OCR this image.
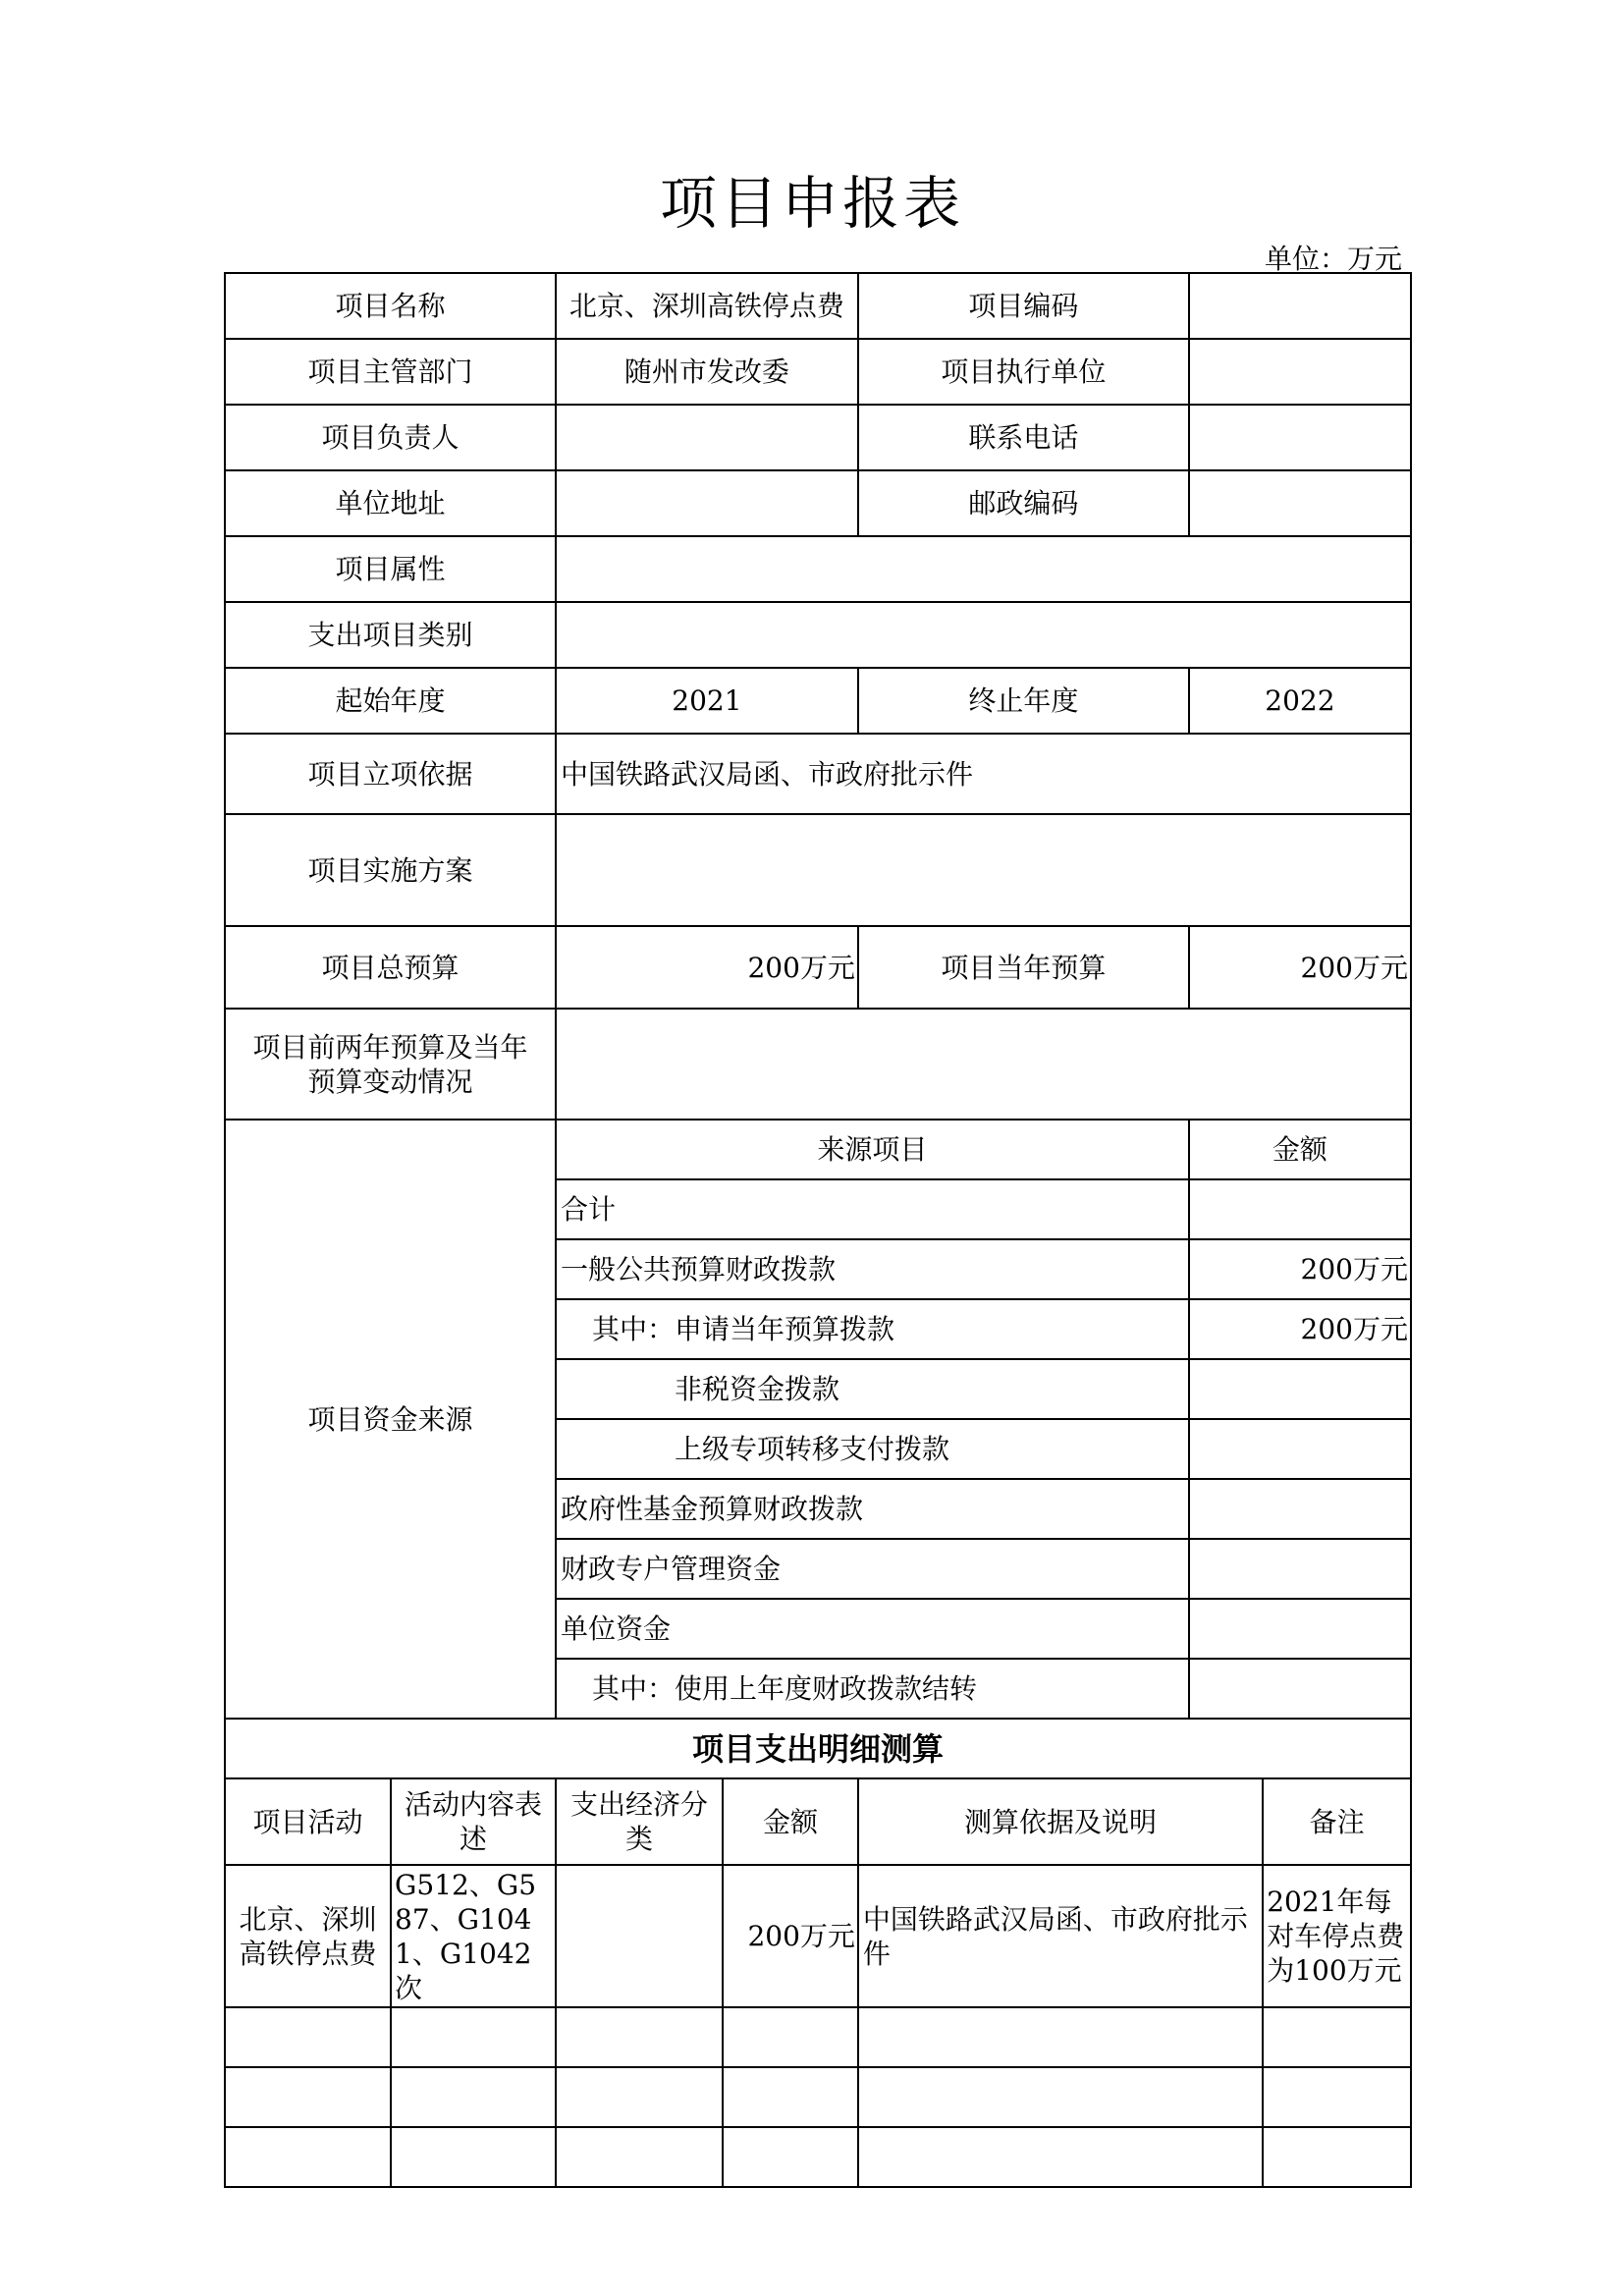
项目申报表
单位：万元
项目名称		北京、深圳高铁停点费		项目编码		
项目主管部门		随州市发改委		项目执行单位		
项目负责人				联系电话		
单位地址				邮政编码		
项目属性						
支出项目类别						
起始年度		2021		终止年度	2022	
项目立项依据		中国铁路武汉局函、市政府批示件				
项目实施方案						
项目总预算		200万元		项目当年预算	200万元	
项目前两年预算及当年预算变动情况						
项目资金来源		来源项目			金额	
		合计				
		一般公共预算财政拨款			200万元	
		其中：申请当年预算拨款			200万元	
		非税资金拨款				
		上级专项转移支付拨款				
		政府性基金预算财政拨款				
		财政专户管理资金				
		单位资金				
		其中：使用上年度财政拨款结转				
项目支出明细测算						
项目活动	活动内容表述	支出经济分类	金额	测算依据及说明		备注
北京、深圳高铁停点费	G512、G587、G1041、G1042次		200万元	中国铁路武汉局函、市政府批示件		2021年每对车停点费为100万元
